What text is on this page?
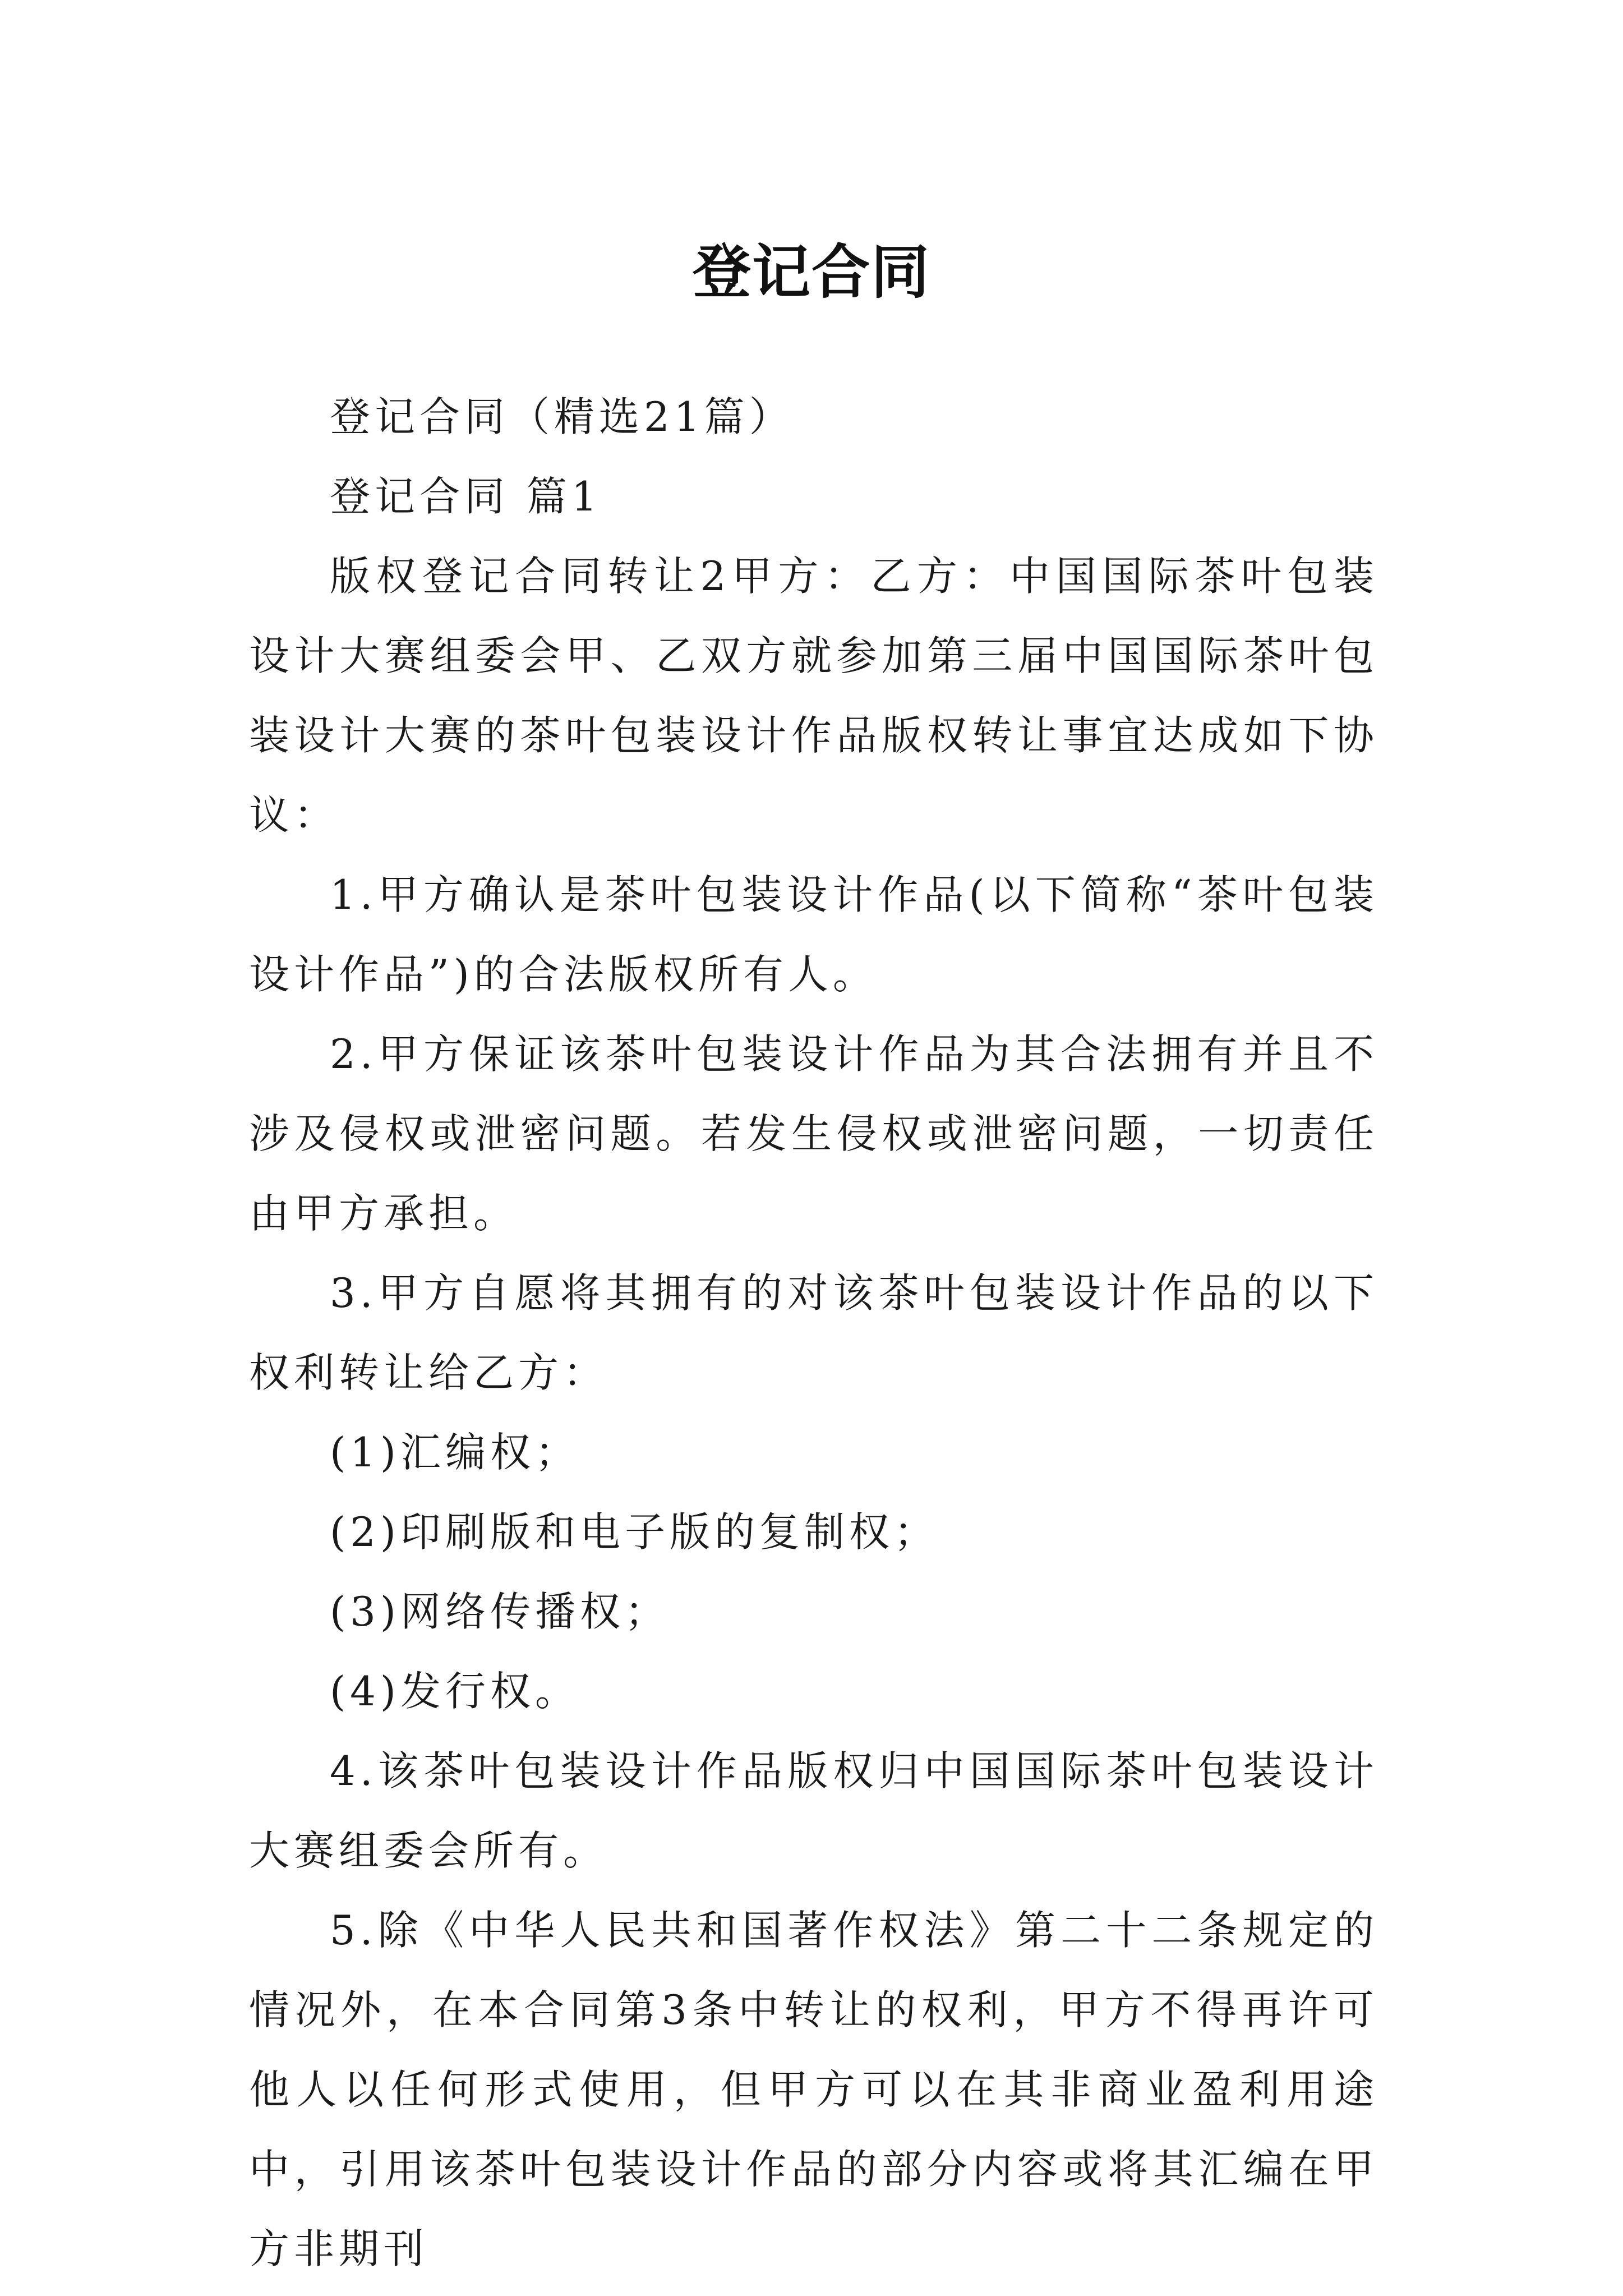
登记合同

登记合同（精选21篇）

登记合同 篇1

版权登记合同转让2甲方：乙方：中国国际茶叶包装设计大赛组委会甲、乙双方就参加第三届中国国际茶叶包装设计大赛的茶叶包装设计作品版权转让事宜达成如下协议：

1.甲方确认是茶叶包装设计作品(以下简称“茶叶包装设计作品”)的合法版权所有人。

2.甲方保证该茶叶包装设计作品为其合法拥有并且不涉及侵权或泄密问题。若发生侵权或泄密问题，一切责任由甲方承担。

3.甲方自愿将其拥有的对该茶叶包装设计作品的以下权利转让给乙方：

(1)汇编权；

(2)印刷版和电子版的复制权；

(3)网络传播权；

(4)发行权。

4.该茶叶包装设计作品版权归中国国际茶叶包装设计大赛组委会所有。

5.除《中华人民共和国著作权法》第二十二条规定的情况外，在本合同第3条中转让的权利，甲方不得再许可他人以任何形式使用，但甲方可以在其非商业盈利用途中，引用该茶叶包装设计作品的部分内容或将其汇编在甲方非期刊
